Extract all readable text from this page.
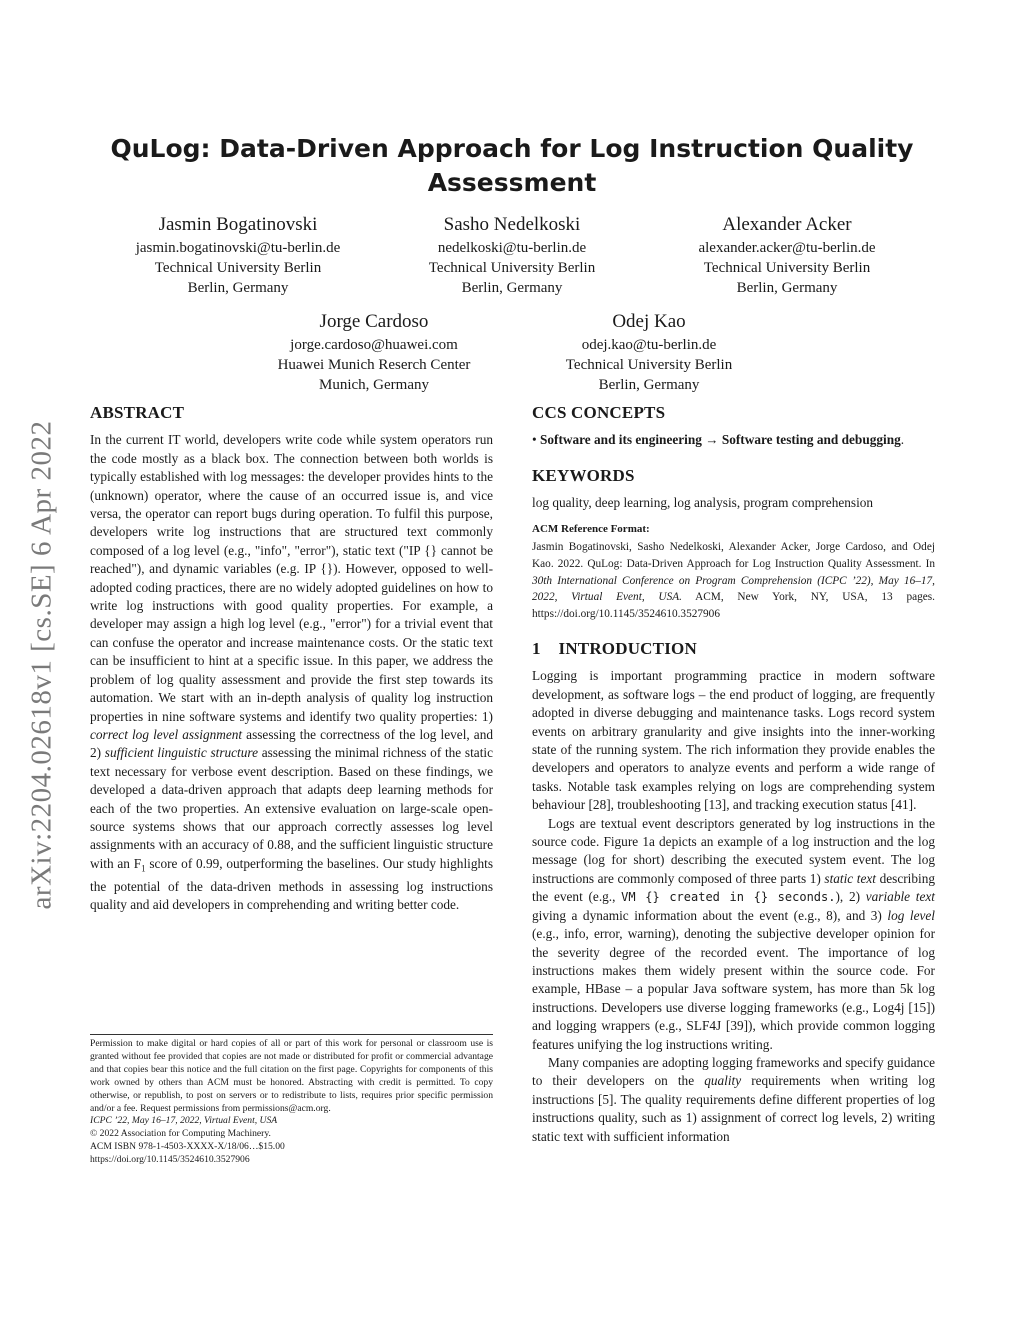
arXiv:2204.02618v1 [cs.SE] 6 Apr 2022
QuLog: Data-Driven Approach for Log Instruction Quality Assessment
Jasmin Bogatinovski
jasmin.bogatinovski@tu-berlin.de
Technical University Berlin
Berlin, Germany
Sasho Nedelkoski
nedelkoski@tu-berlin.de
Technical University Berlin
Berlin, Germany
Alexander Acker
alexander.acker@tu-berlin.de
Technical University Berlin
Berlin, Germany
Jorge Cardoso
jorge.cardoso@huawei.com
Huawei Munich Reserch Center
Munich, Germany
Odej Kao
odej.kao@tu-berlin.de
Technical University Berlin
Berlin, Germany
ABSTRACT

In the current IT world, developers write code while system operators run the code mostly as a black box. The connection between both worlds is typically established with log messages: the developer provides hints to the (unknown) operator, where the cause of an occurred issue is, and vice versa, the operator can report bugs during operation. To fulfil this purpose, developers write log instructions that are structured text commonly composed of a log level (e.g., "info", "error"), static text ("IP {} cannot be reached"), and dynamic variables (e.g. IP {}). However, opposed to well-adopted coding practices, there are no widely adopted guidelines on how to write log instructions with good quality properties. For example, a developer may assign a high log level (e.g., "error") for a trivial event that can confuse the operator and increase maintenance costs. Or the static text can be insufficient to hint at a specific issue. In this paper, we address the problem of log quality assessment and provide the first step towards its automation. We start with an in-depth analysis of quality log instruction properties in nine software systems and identify two quality properties: 1) correct log level assignment assessing the correctness of the log level, and 2) sufficient linguistic structure assessing the minimal richness of the static text necessary for verbose event description. Based on these findings, we developed a data-driven approach that adapts deep learning methods for each of the two properties. An extensive evaluation on large-scale open-source systems shows that our approach correctly assesses log level assignments with an accuracy of 0.88, and the sufficient linguistic structure with an $F_1$ score of 0.99, outperforming the baselines. Our study highlights the potential of the data-driven methods in assessing log instructions quality and aid developers in comprehending and writing better code.

Permission to make digital or hard copies of all or part of this work for personal or classroom use is granted without fee provided that copies are not made or distributed for profit or commercial advantage and that copies bear this notice and the full citation on the first page. Copyrights for components of this work owned by others than ACM must be honored. Abstracting with credit is permitted. To copy otherwise, or republish, to post on servers or to redistribute to lists, requires prior specific permission and/or a fee. Request permissions from permissions@acm.org.
ICPC ’22, May 16–17, 2022, Virtual Event, USA
© 2022 Association for Computing Machinery.
ACM ISBN 978-1-4503-XXXX-X/18/06…$15.00
https://doi.org/10.1145/3524610.3527906
CCS CONCEPTS

• Software and its engineering → Software testing and debugging.

KEYWORDS

log quality, deep learning, log analysis, program comprehension

ACM Reference Format:

Jasmin Bogatinovski, Sasho Nedelkoski, Alexander Acker, Jorge Cardoso, and Odej Kao. 2022. QuLog: Data-Driven Approach for Log Instruction Quality Assessment. In 30th International Conference on Program Comprehension (ICPC ’22), May 16–17, 2022, Virtual Event, USA. ACM, New York, NY, USA, 13 pages. https://doi.org/10.1145/3524610.3527906

1    INTRODUCTION

Logging is important programming practice in modern software development, as software logs – the end product of logging, are frequently adopted in diverse debugging and maintenance tasks. Logs record system events on arbitrary granularity and give insights into the inner-working state of the running system. The rich information they provide enables the developers and operators to analyze events and perform a wide range of tasks. Notable task examples relying on logs are comprehending system behaviour [28], troubleshooting [13], and tracking execution status [41].

Logs are textual event descriptors generated by log instructions in the source code. Figure 1a depicts an example of a log instruction and the log message (log for short) describing the executed system event. The log instructions are commonly composed of three parts 1) static text describing the event (e.g., VM {} created in {} seconds.), 2) variable text giving a dynamic information about the event (e.g., 8), and 3) log level (e.g., info, error, warning), denoting the subjective developer opinion for the severity degree of the recorded event. The importance of log instructions makes them widely present within the source code. For example, HBase – a popular Java software system, has more than 5k log instructions. Developers use diverse logging frameworks (e.g., Log4j [15]) and logging wrappers (e.g., SLF4J [39]), which provide common logging features unifying the log instructions writing.

Many companies are adopting logging frameworks and specify guidance to their developers on the quality requirements when writing log instructions [5]. The quality requirements define different properties of log instructions quality, such as 1) assignment of correct log levels, 2) writing static text with sufficient information
